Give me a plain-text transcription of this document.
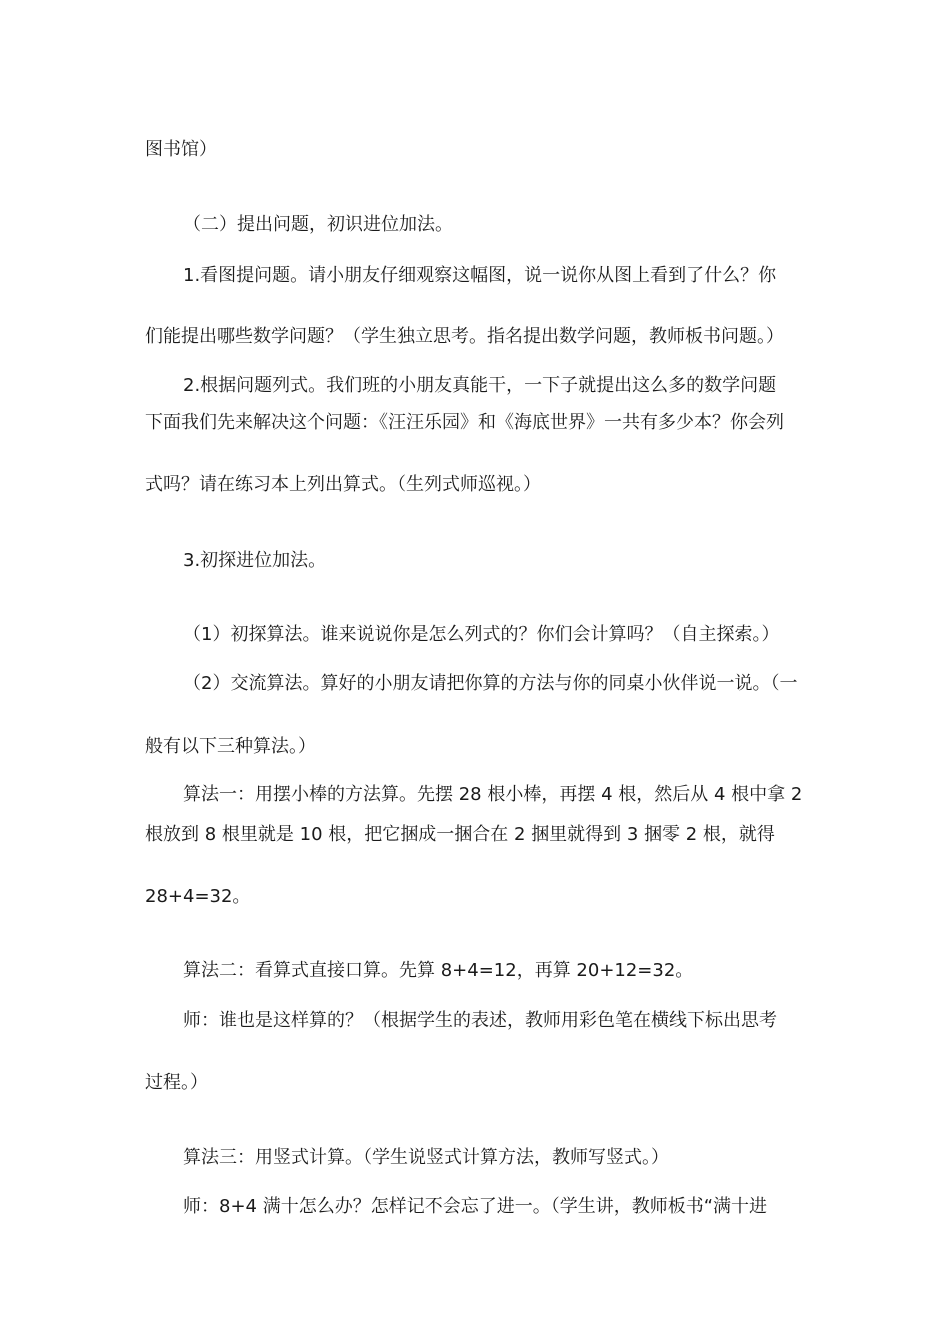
图书馆）
（二）提出问题，初识进位加法。
1.看图提问题。请小朋友仔细观察这幅图，说一说你从图上看到了什么？你
们能提出哪些数学问题？（学生独立思考。指名提出数学问题，教师板书问题。）
2.根据问题列式。我们班的小朋友真能干，一下子就提出这么多的数学问题
下面我们先来解决这个问题：《汪汪乐园》和《海底世界》一共有多少本？你会列
式吗？请在练习本上列出算式。（生列式师巡视。）
3.初探进位加法。
（1）初探算法。谁来说说你是怎么列式的？你们会计算吗？（自主探索。）
（2）交流算法。算好的小朋友请把你算的方法与你的同桌小伙伴说一说。（一
般有以下三种算法。）
算法一：用摆小棒的方法算。先摆 28 根小棒，再摆 4 根，然后从 4 根中拿 2
根放到 8 根里就是 10 根，把它捆成一捆合在 2 捆里就得到 3 捆零 2 根，就得
28+4=32。
算法二：看算式直接口算。先算 8+4=12，再算 20+12=32。
师：谁也是这样算的？（根据学生的表述，教师用彩色笔在横线下标出思考
过程。）
算法三：用竖式计算。（学生说竖式计算方法，教师写竖式。）
师：8+4 满十怎么办？怎样记不会忘了进一。（学生讲，教师板书“满十进
